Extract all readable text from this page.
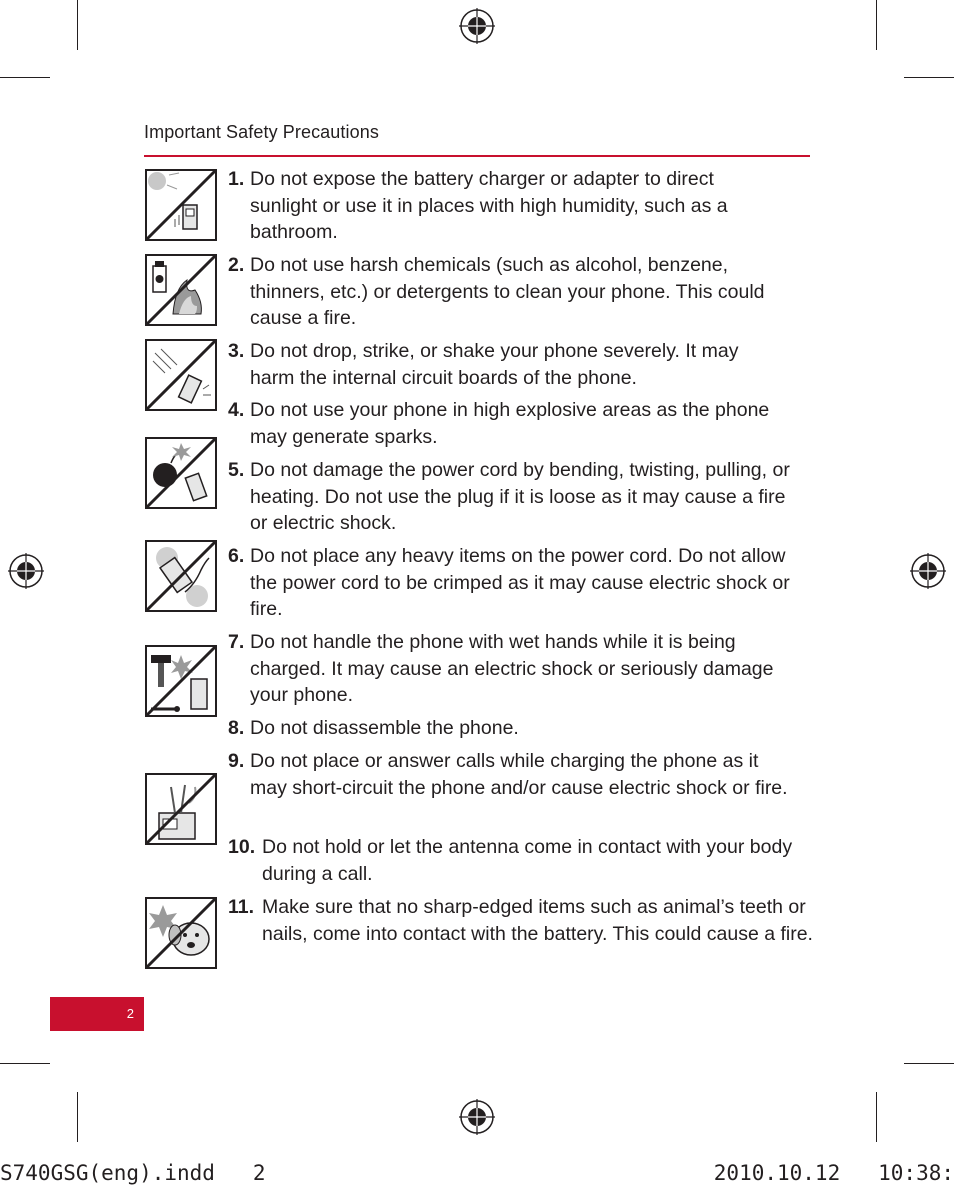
Important Safety Precautions
1. Do not expose the battery charger or adapter to direct sunlight or use it in places with high humidity, such as a bathroom.
2. Do not use harsh chemicals (such as alcohol, benzene, thinners, etc.) or detergents to clean your phone. This could cause a fire.
3. Do not drop, strike, or shake your phone severely. It may harm the internal circuit boards of the phone.
4. Do not use your phone in high explosive areas as the phone may generate sparks.
5. Do not damage the power cord by bending, twisting, pulling, or heating. Do not use the plug if it is loose as it may cause a fire or electric shock.
6. Do not place any heavy items on the power cord. Do not allow the power cord to be crimped as it may cause electric shock or fire.
7. Do not handle the phone with wet hands while it is being charged. It may cause an electric shock or seriously damage your phone.
8. Do not disassemble the phone.
9. Do not place or answer calls while charging the phone as it may short-circuit the phone and/or cause electric shock or fire.
10. Do not hold or let the antenna come in contact with your body during a call.
11. Make sure that no sharp-edged items such as animal’s teeth or nails, come into contact with the battery. This could cause a fire.
2
S740GSG(eng).indd   2	2010.10.12   10:38:
